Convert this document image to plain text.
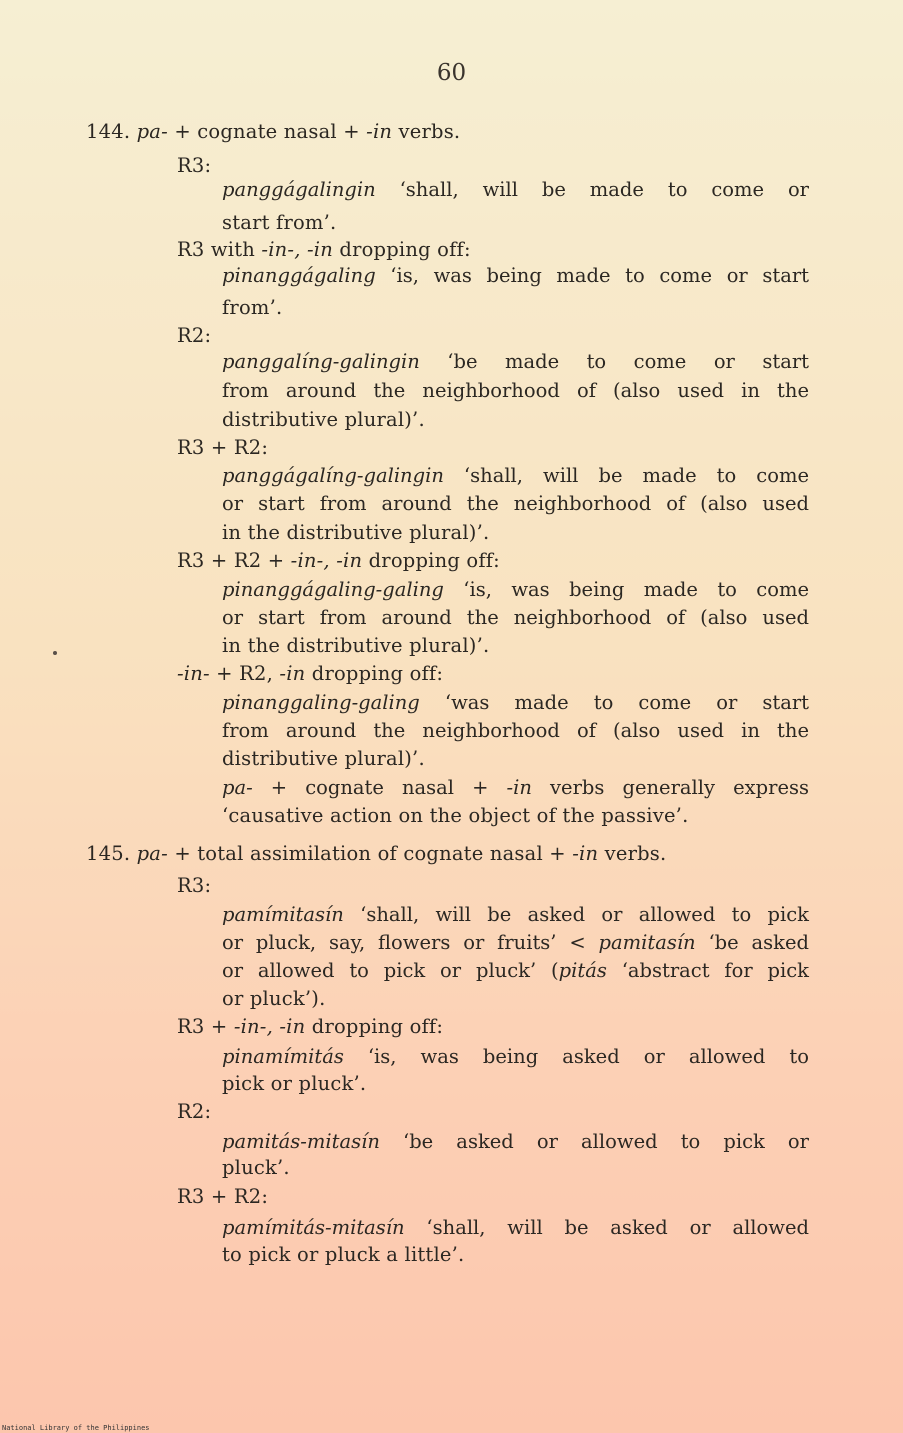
60
144. pa- + cognate nasal + -in verbs.
R3:
panggágalingin ‘shall, will be made to come or
start from’.
R3 with -in-, -in dropping off:
pinanggágaling ‘is, was being made to come or start
from’.
R2:
panggalíng-galingin ‘be made to come or start
from around the neighborhood of (also used in the
distributive plural)’.
R3 + R2:
panggágalíng-galingin ‘shall, will be made to come
or start from around the neighborhood of (also used
in the distributive plural)’.
R3 + R2 + -in-, -in dropping off:
pinanggágaling-galing ‘is, was being made to come
or start from around the neighborhood of (also used
in the distributive plural)’.
-in- + R2, -in dropping off:
pinanggaling-galing ‘was made to come or start
from around the neighborhood of (also used in the
distributive plural)’.
pa- + cognate nasal + -in verbs generally express
‘causative action on the object of the passive’.
145. pa- + total assimilation of cognate nasal + -in verbs.
R3:
pamímitasín ‘shall, will be asked or allowed to pick
or pluck, say, flowers or fruits’ < pamitasín ‘be asked
or allowed to pick or pluck’ (pitás ‘abstract for pick
or pluck’).
R3 + -in-, -in dropping off:
pinamímitás ‘is, was being asked or allowed to
pick or pluck’.
R2:
pamitás-mitasín ‘be asked or allowed to pick or
pluck’.
R3 + R2:
pamímitás-mitasín ‘shall, will be asked or allowed
to pick or pluck a little’.
National Library of the Philippines
